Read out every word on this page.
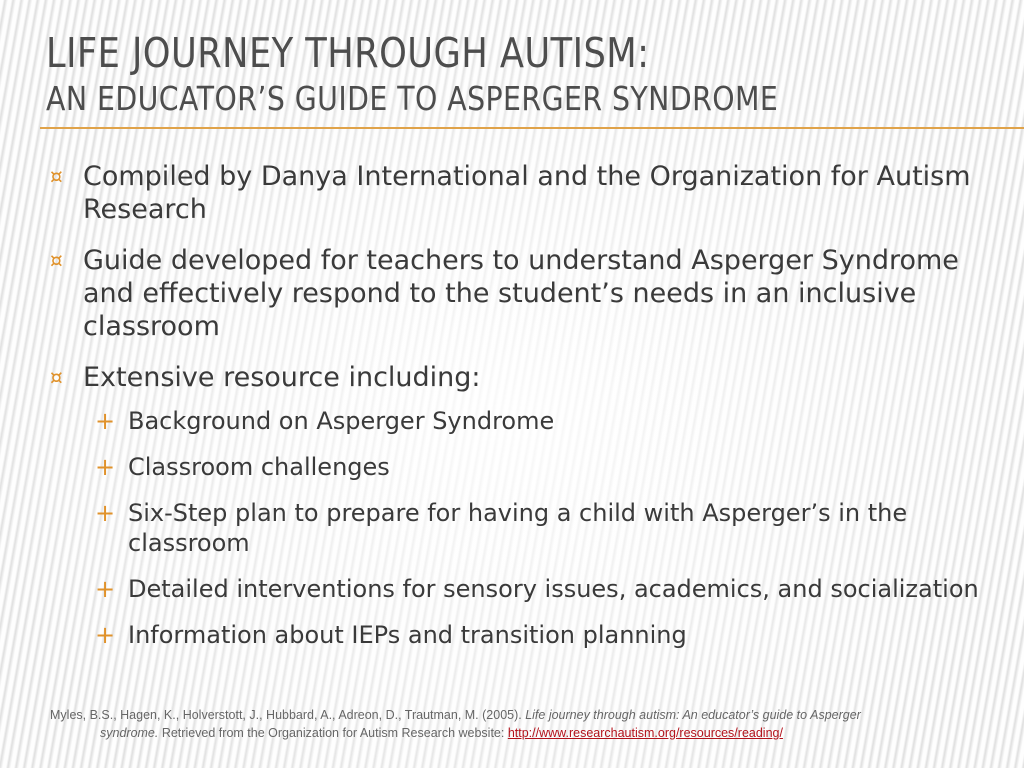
LIFE JOURNEY THROUGH AUTISM:
AN EDUCATOR’S GUIDE TO ASPERGER SYNDROME
¤ Compiled by Danya International and the Organization for Autism Research
¤ Guide developed for teachers to understand Asperger Syndrome and effectively respond to the student’s needs in an inclusive classroom
¤ Extensive resource including:
+ Background on Asperger Syndrome
+ Classroom challenges
+ Six-Step plan to prepare for having a child with Asperger’s in the classroom
+ Detailed interventions for sensory issues, academics, and socialization
+ Information about IEPs and transition planning
Myles, B.S., Hagen, K., Holverstott, J., Hubbard, A., Adreon, D., Trautman, M. (2005). Life journey through autism: An educator’s guide to Asperger
syndrome. Retrieved from the Organization for Autism Research website: http://www.researchautism.org/resources/reading/
